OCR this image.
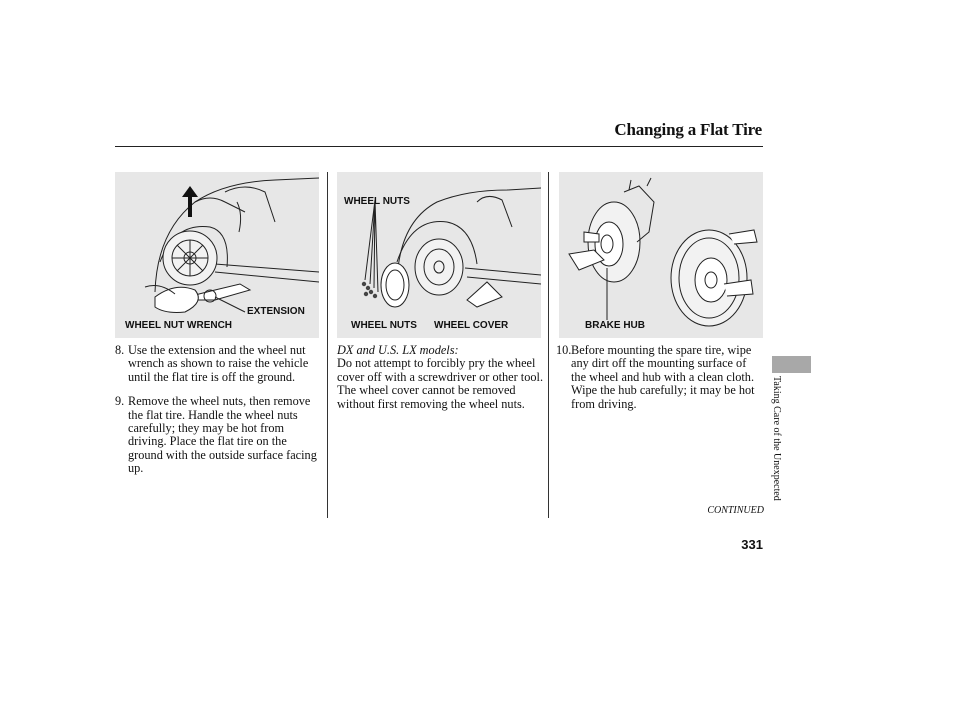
Changing a Flat Tire
EXTENSION
WHEEL NUT WRENCH
WHEEL NUTS
WHEEL NUTS WHEEL COVER	BRAKE HUB
8. Use the extension and the wheel nut wrench as shown to raise the vehicle until the flat tire is off the ground.
9. Remove the wheel nuts, then remove the flat tire. Handle the wheel nuts carefully; they may be hot from driving. Place the flat tire on the ground with the outside surface facing up.
DX and U.S. LX models:
Do not attempt to forcibly pry the wheel cover off with a screwdriver or other tool. The wheel cover cannot be removed without first removing the wheel nuts.
10. Before mounting the spare tire, wipe any dirt off the mounting surface of the wheel and hub with a clean cloth. Wipe the hub carefully; it may be hot from driving.
CONTINUED
331
Taking Care of the Unexpected
